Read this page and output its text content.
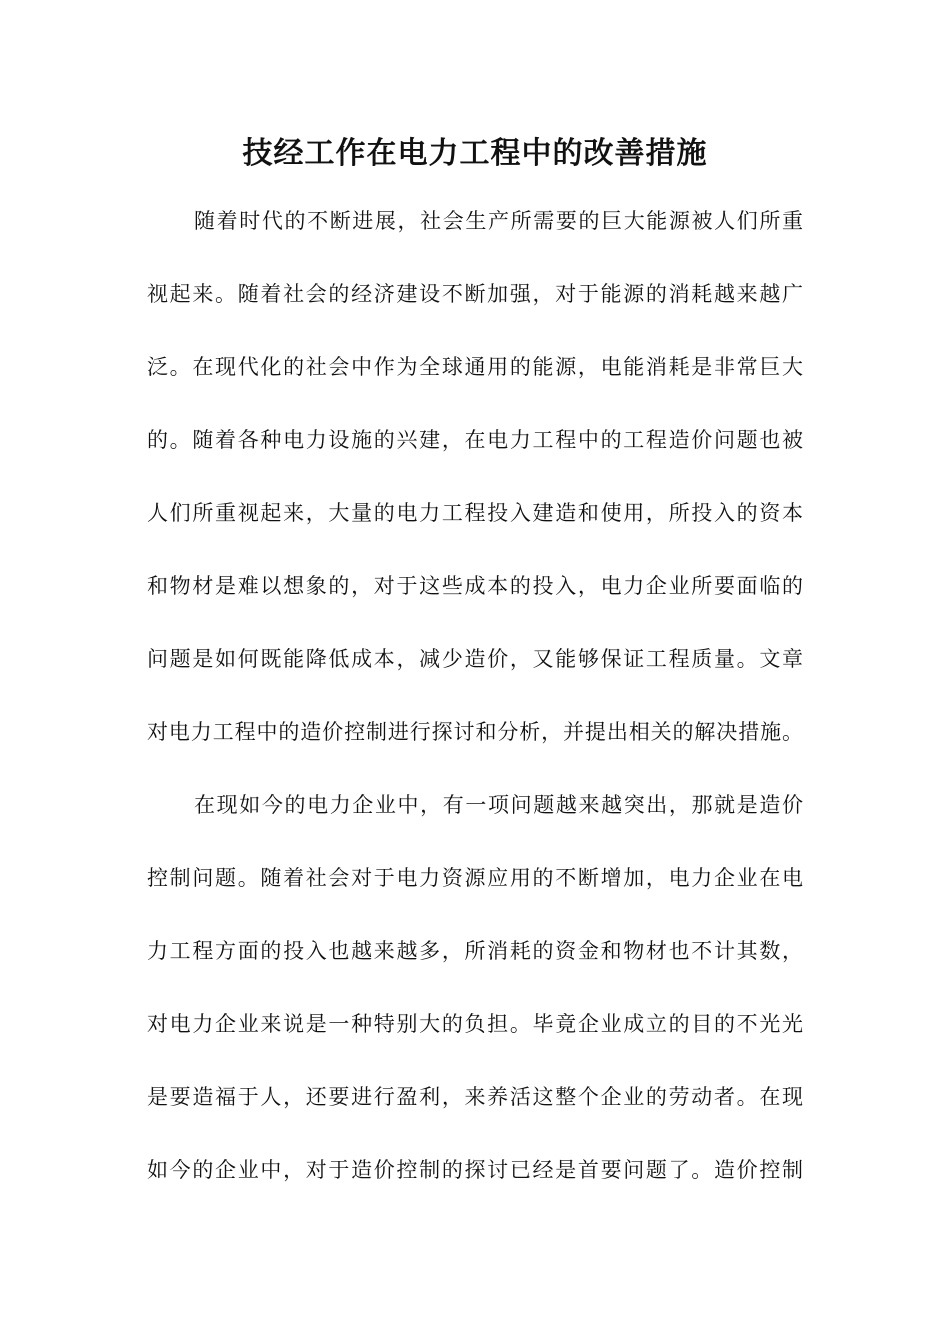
技经工作在电力工程中的改善措施

随着时代的不断进展，社会生产所需要的巨大能源被人们所重

视起来。随着社会的经济建设不断加强，对于能源的消耗越来越广

泛。在现代化的社会中作为全球通用的能源，电能消耗是非常巨大

的。随着各种电力设施的兴建，在电力工程中的工程造价问题也被

人们所重视起来，大量的电力工程投入建造和使用，所投入的资本

和物材是难以想象的，对于这些成本的投入，电力企业所要面临的

问题是如何既能降低成本，减少造价，又能够保证工程质量。文章

对电力工程中的造价控制进行探讨和分析，并提出相关的解决措施。

在现如今的电力企业中，有一项问题越来越突出，那就是造价

控制问题。随着社会对于电力资源应用的不断增加，电力企业在电

力工程方面的投入也越来越多，所消耗的资金和物材也不计其数，

对电力企业来说是一种特别大的负担。毕竟企业成立的目的不光光

是要造福于人，还要进行盈利，来养活这整个企业的劳动者。在现

如今的企业中，对于造价控制的探讨已经是首要问题了。造价控制
